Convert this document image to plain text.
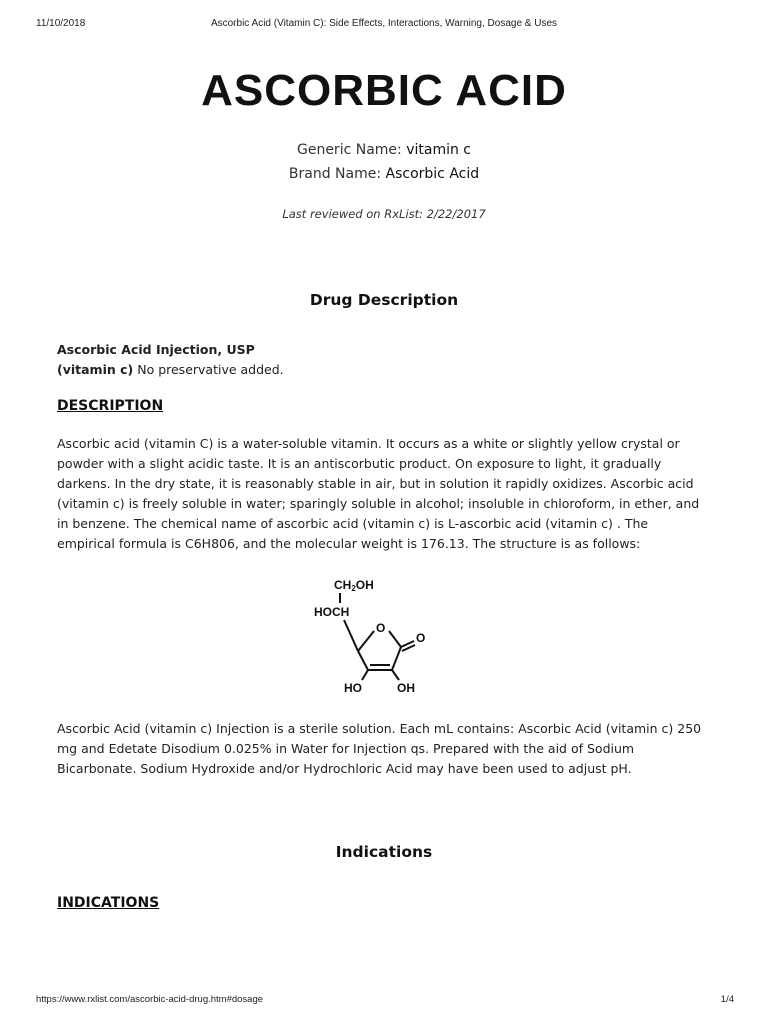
11/10/2018	Ascorbic Acid (Vitamin C): Side Effects, Interactions, Warning, Dosage & Uses
ASCORBIC ACID
Generic Name: vitamin c
Brand Name: Ascorbic Acid
Last reviewed on RxList: 2/22/2017
Drug Description
Ascorbic Acid Injection, USP
(vitamin c) No preservative added.
DESCRIPTION
Ascorbic acid (vitamin C) is a water-soluble vitamin. It occurs as a white or slightly yellow crystal or powder with a slight acidic taste. It is an antiscorbutic product. On exposure to light, it gradually darkens. In the dry state, it is reasonably stable in air, but in solution it rapidly oxidizes. Ascorbic acid (vitamin c) is freely soluble in water; sparingly soluble in alcohol; insoluble in chloroform, in ether, and in benzene. The chemical name of ascorbic acid (vitamin c) is L-ascorbic acid (vitamin c) . The empirical formula is C6H806, and the molecular weight is 176.13. The structure is as follows:
CH2OH
HOCH
O
O
HO	OH
Ascorbic Acid (vitamin c) Injection is a sterile solution. Each mL contains: Ascorbic Acid (vitamin c) 250 mg and Edetate Disodium 0.025% in Water for Injection qs. Prepared with the aid of Sodium Bicarbonate. Sodium Hydroxide and/or Hydrochloric Acid may have been used to adjust pH.
Indications
INDICATIONS
https://www.rxlist.com/ascorbic-acid-drug.htm#dosage	1/4
